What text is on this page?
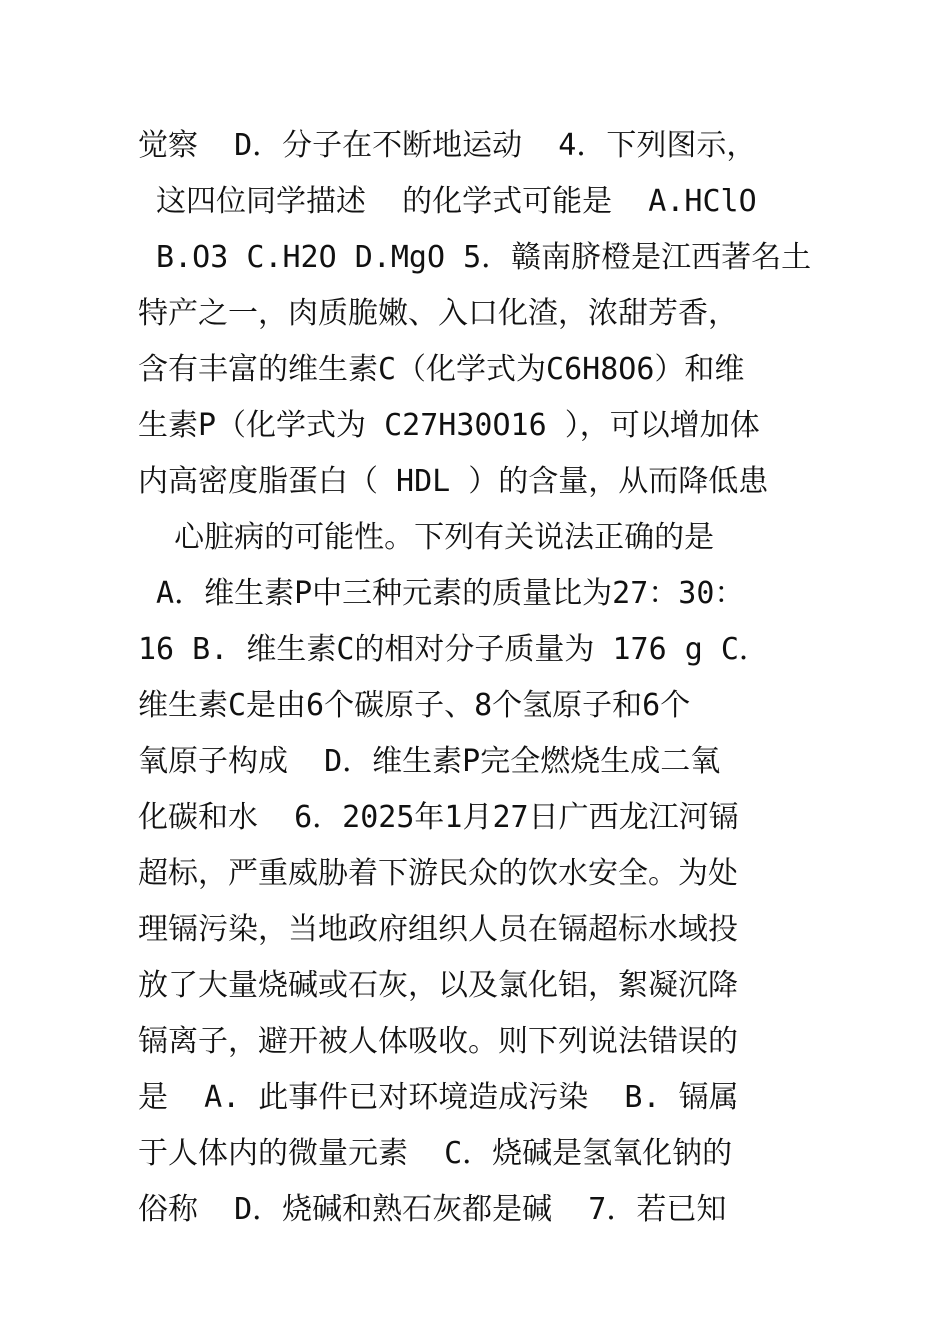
觉察  D．分子在不断地运动  4．下列图示，
这四位同学描述  的化学式可能是  A.HClO
B.O3 C.H2O D.MgO 5．赣南脐橙是江西著名土
特产之一，肉质脆嫩、入口化渣，浓甜芳香，
含有丰富的维生素C（化学式为C6H8O6）和维
生素P（化学式为 C27H30O16 ），可以增加体
内高密度脂蛋白（ HDL ）的含量，从而降低患
心脏病的可能性。下列有关说法正确的是
A．维生素P中三种元素的质量比为27：30：
16 B. 维生素C的相对分子质量为 176 g C．
维生素C是由6个碳原子、8个氢原子和6个
氧原子构成  D．维生素P完全燃烧生成二氧
化碳和水  6．2025年1月27日广西龙江河镉
超标，严重威胁着下游民众的饮水安全。为处
理镉污染，当地政府组织人员在镉超标水域投
放了大量烧碱或石灰，以及氯化铝，絮凝沉降
镉离子，避开被人体吸收。则下列说法错误的
是  A. 此事件已对环境造成污染  B. 镉属
于人体内的微量元素  C．烧碱是氢氧化钠的
俗称  D．烧碱和熟石灰都是碱  7．若已知
